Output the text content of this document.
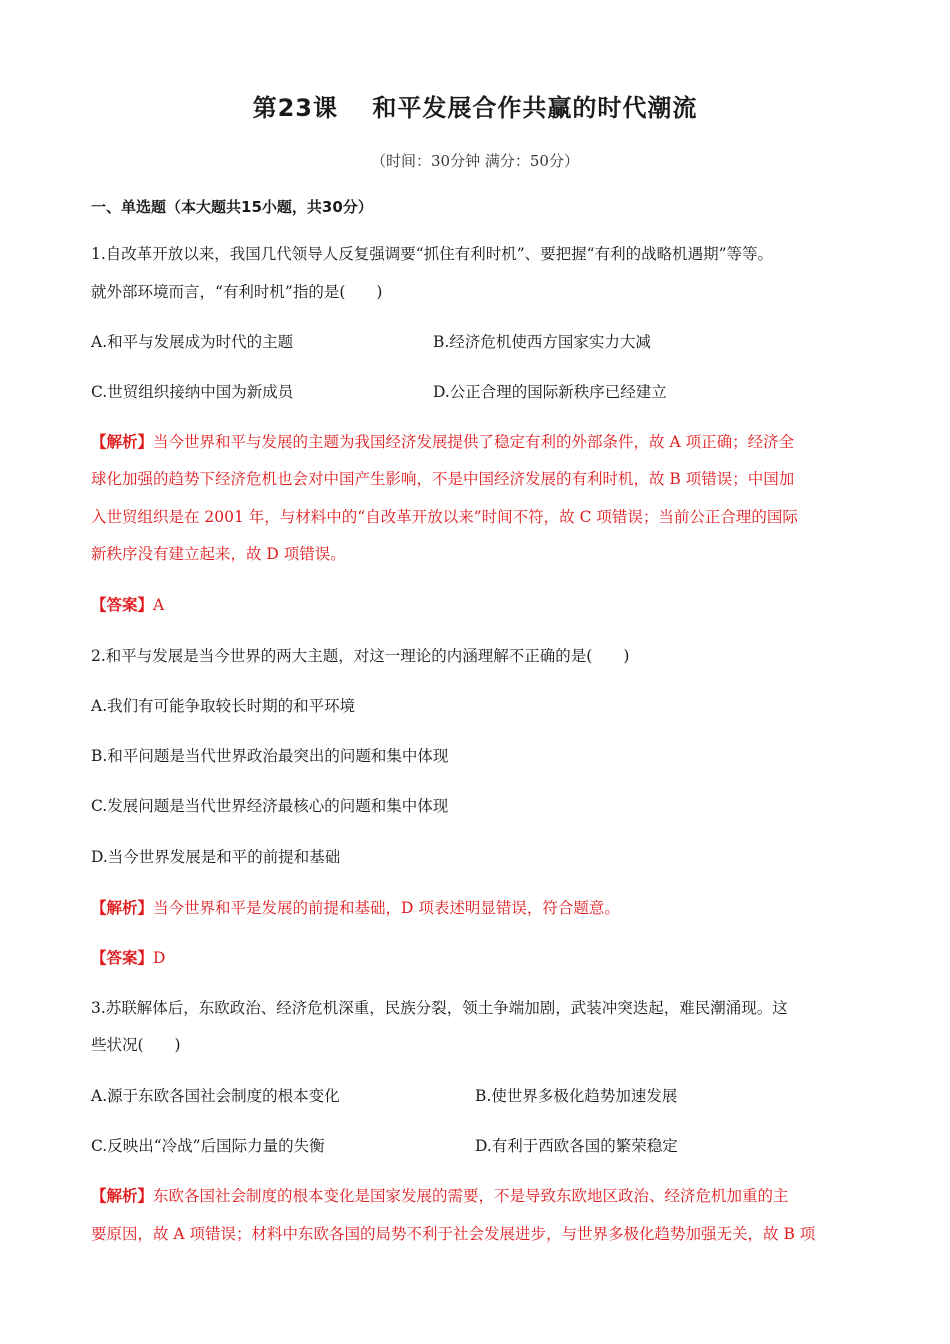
第23课　 和平发展合作共赢的时代潮流
（时间：30分钟 满分：50分）
一、单选题（本大题共15小题，共30分）
1.自改革开放以来，我国几代领导人反复强调要“抓住有利时机”、要把握“有利的战略机遇期”等等。
就外部环境而言，“有利时机”指的是(　　)
A.和平与发展成为时代的主题	B.经济危机使西方国家实力大减
C.世贸组织接纳中国为新成员	D.公正合理的国际新秩序已经建立
【解析】当今世界和平与发展的主题为我国经济发展提供了稳定有利的外部条件，故 A 项正确；经济全
球化加强的趋势下经济危机也会对中国产生影响，不是中国经济发展的有利时机，故 B 项错误；中国加
入世贸组织是在 2001 年，与材料中的“自改革开放以来”时间不符，故 C 项错误；当前公正合理的国际
新秩序没有建立起来，故 D 项错误。
【答案】A
2.和平与发展是当今世界的两大主题，对这一理论的内涵理解不正确的是(　　)
A.我们有可能争取较长时期的和平环境
B.和平问题是当代世界政治最突出的问题和集中体现
C.发展问题是当代世界经济最核心的问题和集中体现
D.当今世界发展是和平的前提和基础
【解析】当今世界和平是发展的前提和基础，D 项表述明显错误，符合题意。
【答案】D
3.苏联解体后，东欧政治、经济危机深重，民族分裂，领土争端加剧，武装冲突迭起，难民潮涌现。这
些状况(　　)
A.源于东欧各国社会制度的根本变化	B.使世界多极化趋势加速发展
C.反映出“冷战”后国际力量的失衡	D.有利于西欧各国的繁荣稳定
【解析】东欧各国社会制度的根本变化是国家发展的需要，不是导致东欧地区政治、经济危机加重的主
要原因，故 A 项错误；材料中东欧各国的局势不利于社会发展进步，与世界多极化趋势加强无关，故 B 项
